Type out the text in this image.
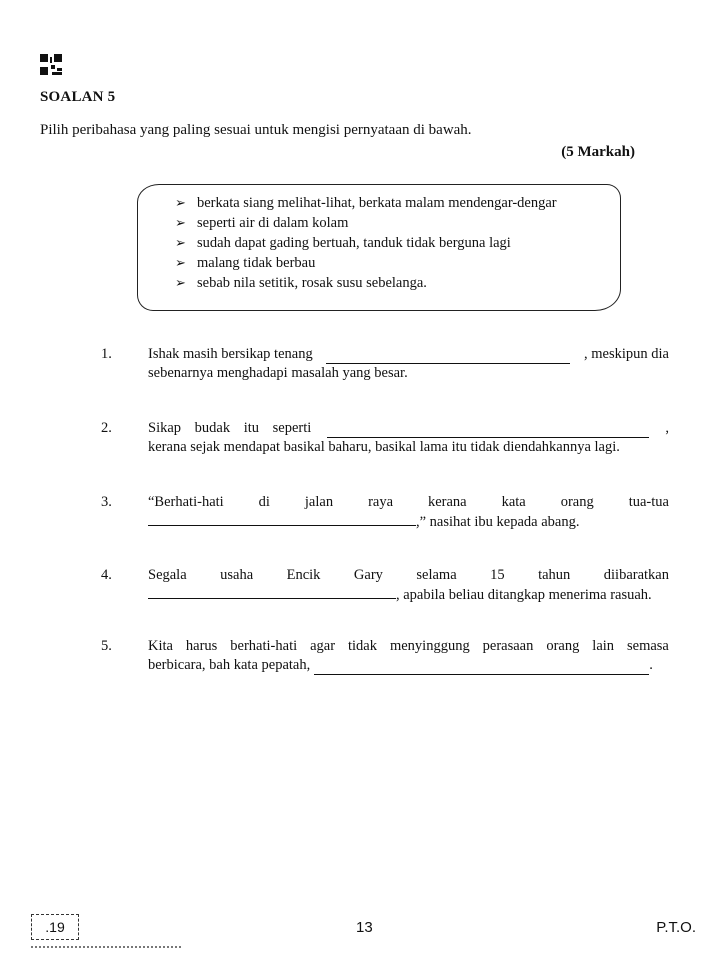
SOALAN 5
Pilih peribahasa yang paling sesuai untuk mengisi pernyataan di bawah.
(5 Markah)
➢ berkata siang melihat-lihat, berkata malam mendengar-dengar
➢ seperti air di dalam kolam
➢ sudah dapat gading bertuah, tanduk tidak berguna lagi
➢ malang tidak berbau
➢ sebab nila setitik, rosak susu sebelanga.
1. Ishak masih bersikap tenang	, meskipun dia
sebenarnya menghadapi masalah yang besar.
2. Sikap budak itu seperti	,
kerana sejak mendapat basikal baharu, basikal lama itu tidak diendahkannya lagi.
3. “Berhati-hati di jalan raya kerana kata orang tua-tua
,” nasihat ibu kepada abang.
4. Segala usaha Encik Gary selama 15 tahun diibaratkan
, apabila beliau ditangkap menerima rasuah.
5. Kita harus berhati-hati agar tidak menyinggung perasaan orang lain semasa
berbicara, bah kata pepatah,	.
.19	13	P.T.O.
